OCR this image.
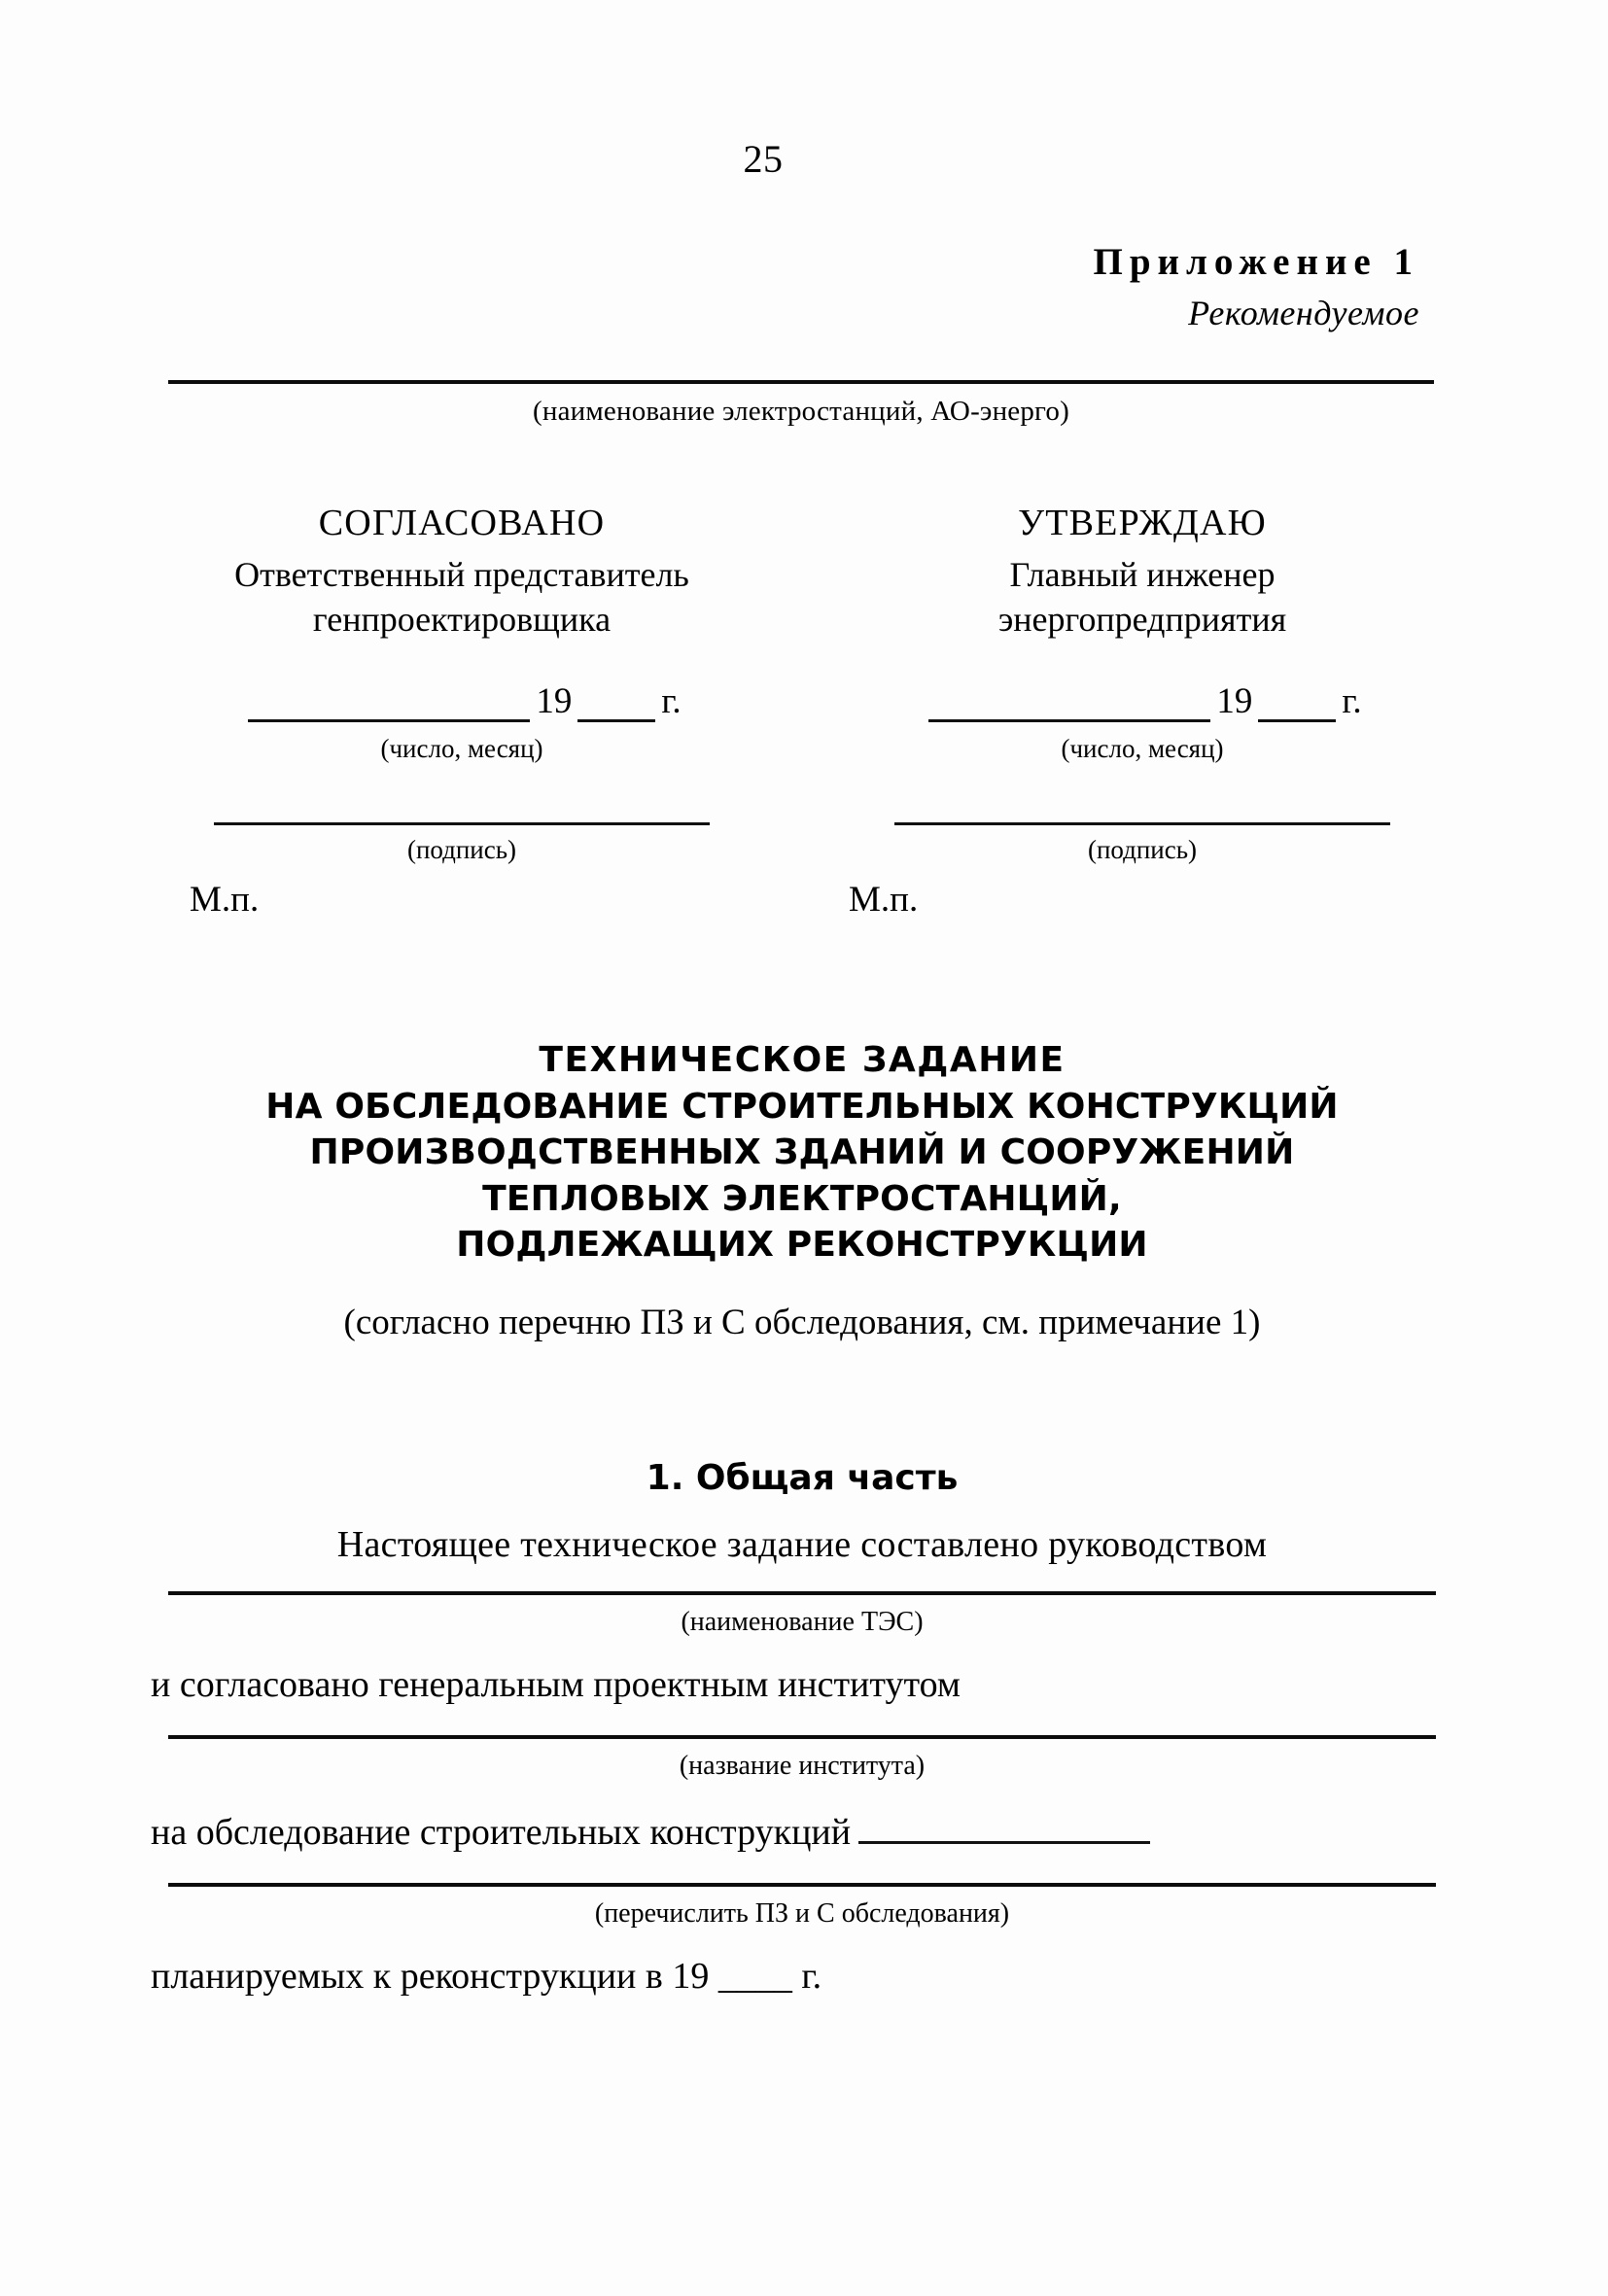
25
Приложение 1
Рекомендуемое
(наименование электростанций, АО-энерго)
СОГЛАСОВАНО
Ответственный представитель
генпроектировщика
19 г.
(число, месяц)
(подпись)
М.п.
УТВЕРЖДАЮ
Главный инженер
энергопредприятия
19 г.
(число, месяц)
(подпись)
М.п.
ТЕХНИЧЕСКОЕ ЗАДАНИЕ
НА ОБСЛЕДОВАНИЕ СТРОИТЕЛЬНЫХ КОНСТРУКЦИЙ
ПРОИЗВОДСТВЕННЫХ ЗДАНИЙ И СООРУЖЕНИЙ
ТЕПЛОВЫХ ЭЛЕКТРОСТАНЦИЙ,
ПОДЛЕЖАЩИХ РЕКОНСТРУКЦИИ
(согласно перечню ПЗ и С обследования, см. примечание 1)
1. Общая часть
Настоящее техническое задание составлено руководством
(наименование ТЭС)
и согласовано генеральным проектным институтом
(название института)
на обследование строительных конструкций
(перечислить ПЗ и С обследования)
планируемых к реконструкции в 19 ____ г.
